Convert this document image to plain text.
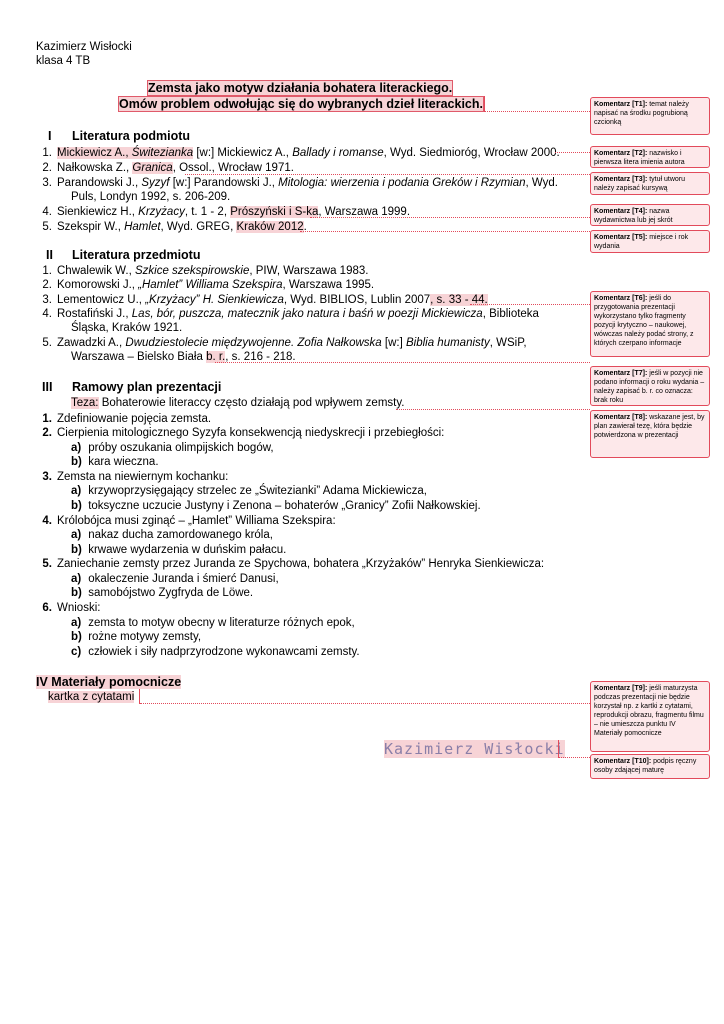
Kazimierz Wisłocki
klasa 4 TB
Zemsta jako motyw działania bohatera literackiego.
Omów problem odwołując się do wybranych dzieł literackich.
I Literatura podmiotu
1. Mickiewicz A., Świtezianka [w:] Mickiewicz A., Ballady i romanse, Wyd. Siedmioróg, Wrocław 2000.
2. Nałkowska Z., Granica, Ossol., Wrocław 1971.
3. Parandowski J., Syzyf [w:] Parandowski J., Mitologia: wierzenia i podania Greków i Rzymian, Wyd.
Puls, Londyn 1992, s. 206-209.
4. Sienkiewicz H., Krzyżacy, t. 1 - 2, Prószyński i S-ka, Warszawa 1999.
5. Szekspir W., Hamlet, Wyd. GREG, Kraków 2012.
II Literatura przedmiotu
1. Chwalewik W., Szkice szekspirowskie, PIW, Warszawa 1983.
2. Komorowski J., „Hamlet” Williama Szekspira, Warszawa 1995.
3. Lementowicz U., „Krzyżacy” H. Sienkiewicza, Wyd. BIBLIOS, Lublin 2007, s. 33 - 44.
4. Rostafiński J., Las, bór, puszcza, matecznik jako natura i baśń w poezji Mickiewicza, Biblioteka
Śląska, Kraków 1921.
5. Zawadzki A., Dwudziestolecie międzywojenne. Zofia Nałkowska [w:] Biblia humanisty, WSiP,
Warszawa – Bielsko Biała b. r., s. 216 - 218.
III Ramowy plan prezentacji
Teza: Bohaterowie literaccy często działają pod wpływem zemsty.
1. Zdefiniowanie pojęcia zemsta.
2. Cierpienia mitologicznego Syzyfa konsekwencją niedyskrecji i przebiegłości:
a) próby oszukania olimpijskich bogów,
b) kara wieczna.
3. Zemsta na niewiernym kochanku:
a) krzywoprzysięgający strzelec ze „Świtezianki” Adama Mickiewicza,
b) toksyczne uczucie Justyny i Zenona – bohaterów „Granicy” Zofii Nałkowskiej.
4. Królobójca musi zginąć – „Hamlet” Williama Szekspira:
a) nakaz ducha zamordowanego króla,
b) krwawe wydarzenia w duńskim pałacu.
5. Zaniechanie zemsty przez Juranda ze Spychowa, bohatera „Krzyżaków” Henryka Sienkiewicza:
a) okaleczenie Juranda i śmierć Danusi,
b) samobójstwo Zygfryda de Löwe.
6. Wnioski:
a) zemsta to motyw obecny w literaturze różnych epok,
b) rożne motywy zemsty,
c) człowiek i siły nadprzyrodzone wykonawcami zemsty.
IV Materiały pomocnicze
kartka z cytatami
Kazimierz Wisłocki
Komentarz [T1]: temat należy napisać na środku pogrubioną czcionką
Komentarz [T2]: nazwisko i pierwsza litera imienia autora
Komentarz [T3]: tytuł utworu należy zapisać kursywą
Komentarz [T4]: nazwa wydawnictwa lub jej skrót
Komentarz [T5]: miejsce i rok wydania
Komentarz [T6]: jeśli do przygotowania prezentacji wykorzystano tylko fragmenty pozycji krytyczno – naukowej, wówczas należy podać strony, z których czerpano informacje
Komentarz [T7]: jeśli w pozycji nie podano informacji o roku wydania – należy zapisać b. r. co oznacza: brak roku
Komentarz [T8]: wskazane jest, by plan zawierał tezę, która będzie potwierdzona w prezentacji
Komentarz [T9]: jeśli maturzysta podczas prezentacji nie będzie korzystał np. z kartki z cytatami, reprodukcji obrazu, fragmentu filmu – nie umieszcza punktu IV Materiały pomocnicze
Komentarz [T10]: podpis ręczny osoby zdającej maturę
